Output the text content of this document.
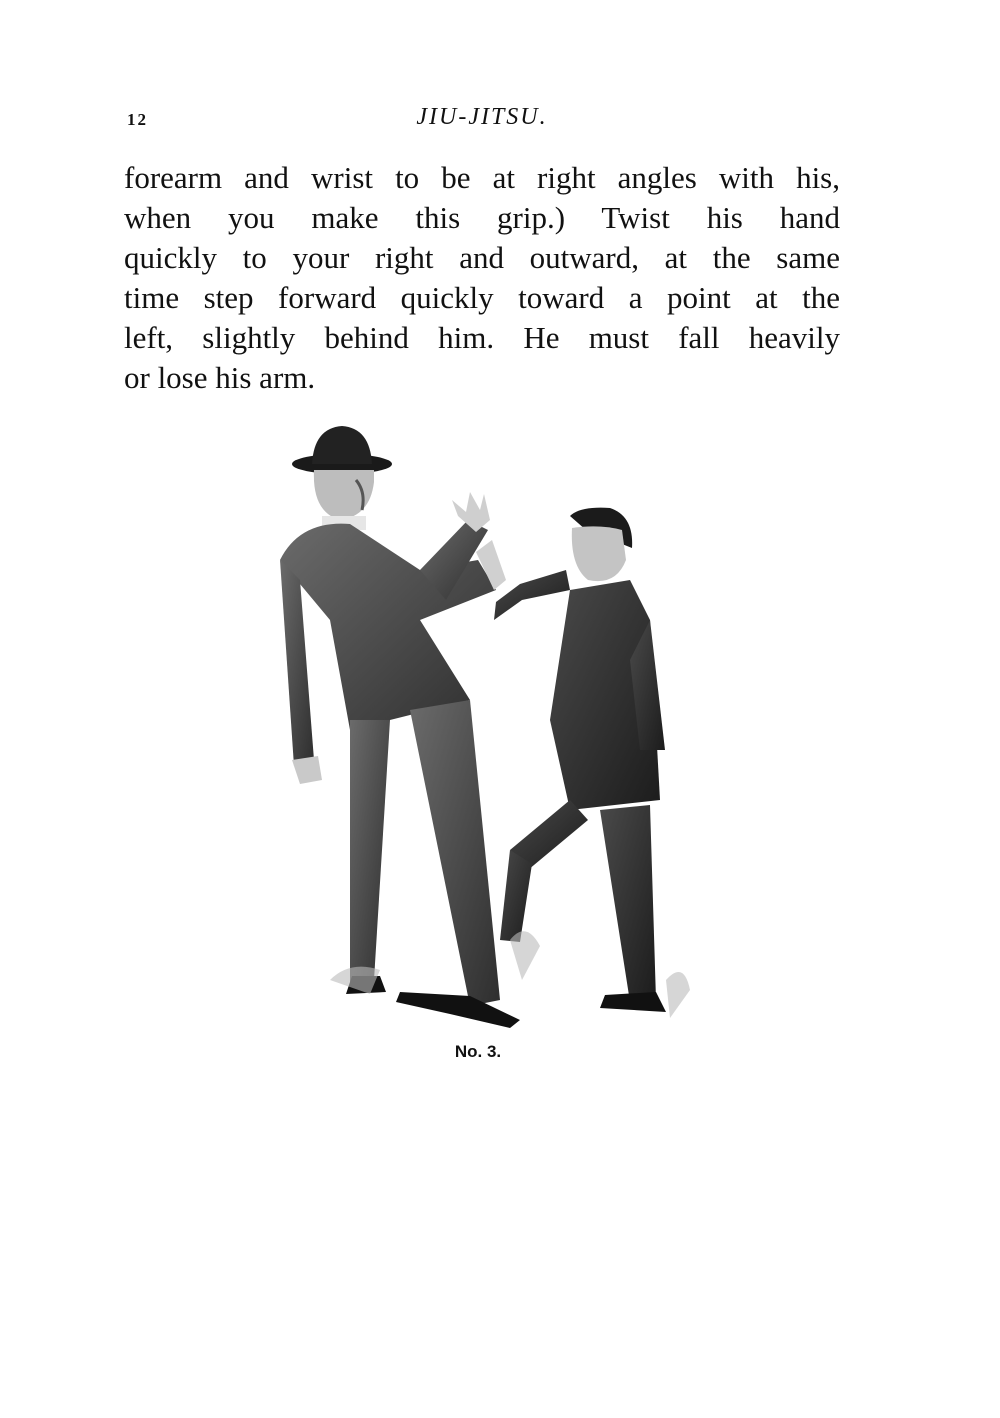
12	JIU-JITSU.
forearm and wrist to be at right angles with his,
when you make this grip.) Twist his hand
quickly to your right and outward, at the same
time step forward quickly toward a point at the
left, slightly behind him. He must fall heavily
or lose his arm.
No. 3.
